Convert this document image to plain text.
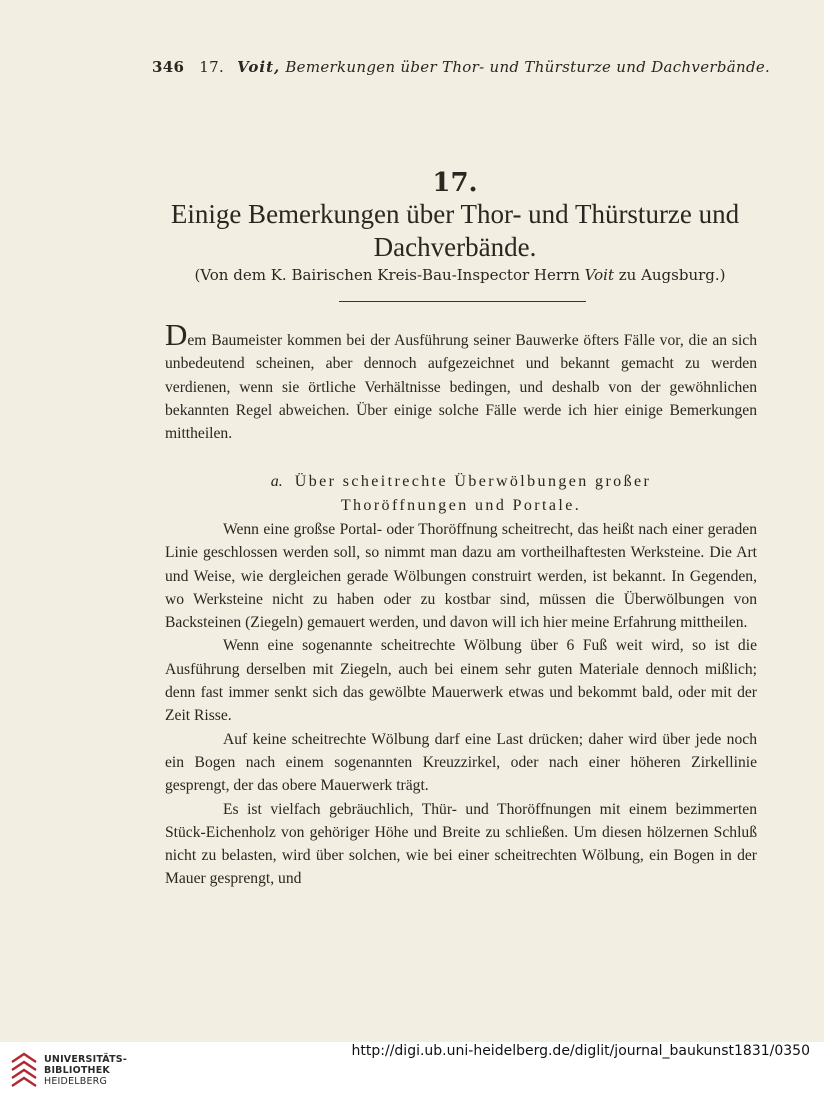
346 17. Voit, Bemerkungen über Thor- und Thürsturze und Dachverbände.
17.
Einige Bemerkungen über Thor- und Thürsturze und
Dachverbände.
(Von dem K. Bairischen Kreis-Bau-Inspector Herrn Voit zu Augsburg.)

Dem Baumeister kommen bei der Ausführung seiner Bauwerke öfters Fälle vor, die an sich unbedeutend scheinen, aber dennoch aufgezeichnet und bekannt gemacht zu werden verdienen, wenn sie örtliche Verhältnisse bedingen, und deshalb von der gewöhnlichen bekannten Regel abweichen. Über einige solche Fälle werde ich hier einige Bemerkungen mittheilen.

a. Über scheitrechte Überwölbungen großer
Thoröffnungen und Portale.

Wenn eine großse Portal- oder Thoröffnung scheitrecht, das heißt nach einer geraden Linie geschlossen werden soll, so nimmt man dazu am vortheilhaftesten Werksteine. Die Art und Weise, wie dergleichen gerade Wölbungen construirt werden, ist bekannt. In Gegenden, wo Werksteine nicht zu haben oder zu kostbar sind, müssen die Überwölbungen von Backsteinen (Ziegeln) gemauert werden, und davon will ich hier meine Erfahrung mittheilen.

Wenn eine sogenannte scheitrechte Wölbung über 6 Fuß weit wird, so ist die Ausführung derselben mit Ziegeln, auch bei einem sehr guten Materiale dennoch mißlich; denn fast immer senkt sich das gewölbte Mauerwerk etwas und bekommt bald, oder mit der Zeit Risse.

Auf keine scheitrechte Wölbung darf eine Last drücken; daher wird über jede noch ein Bogen nach einem sogenannten Kreuzzirkel, oder nach einer höheren Zirkellinie gesprengt, der das obere Mauerwerk trägt.

Es ist vielfach gebräuchlich, Thür- und Thoröffnungen mit einem bezimmerten Stück-Eichenholz von gehöriger Höhe und Breite zu schließen. Um diesen hölzernen Schluß nicht zu belasten, wird über solchen, wie bei einer scheitrechten Wölbung, ein Bogen in der Mauer gesprengt, und

UNIVERSITÄTS-
BIBLIOTHEK
HEIDELBERG
http://digi.ub.uni-heidelberg.de/diglit/journal_baukunst1831/0350
